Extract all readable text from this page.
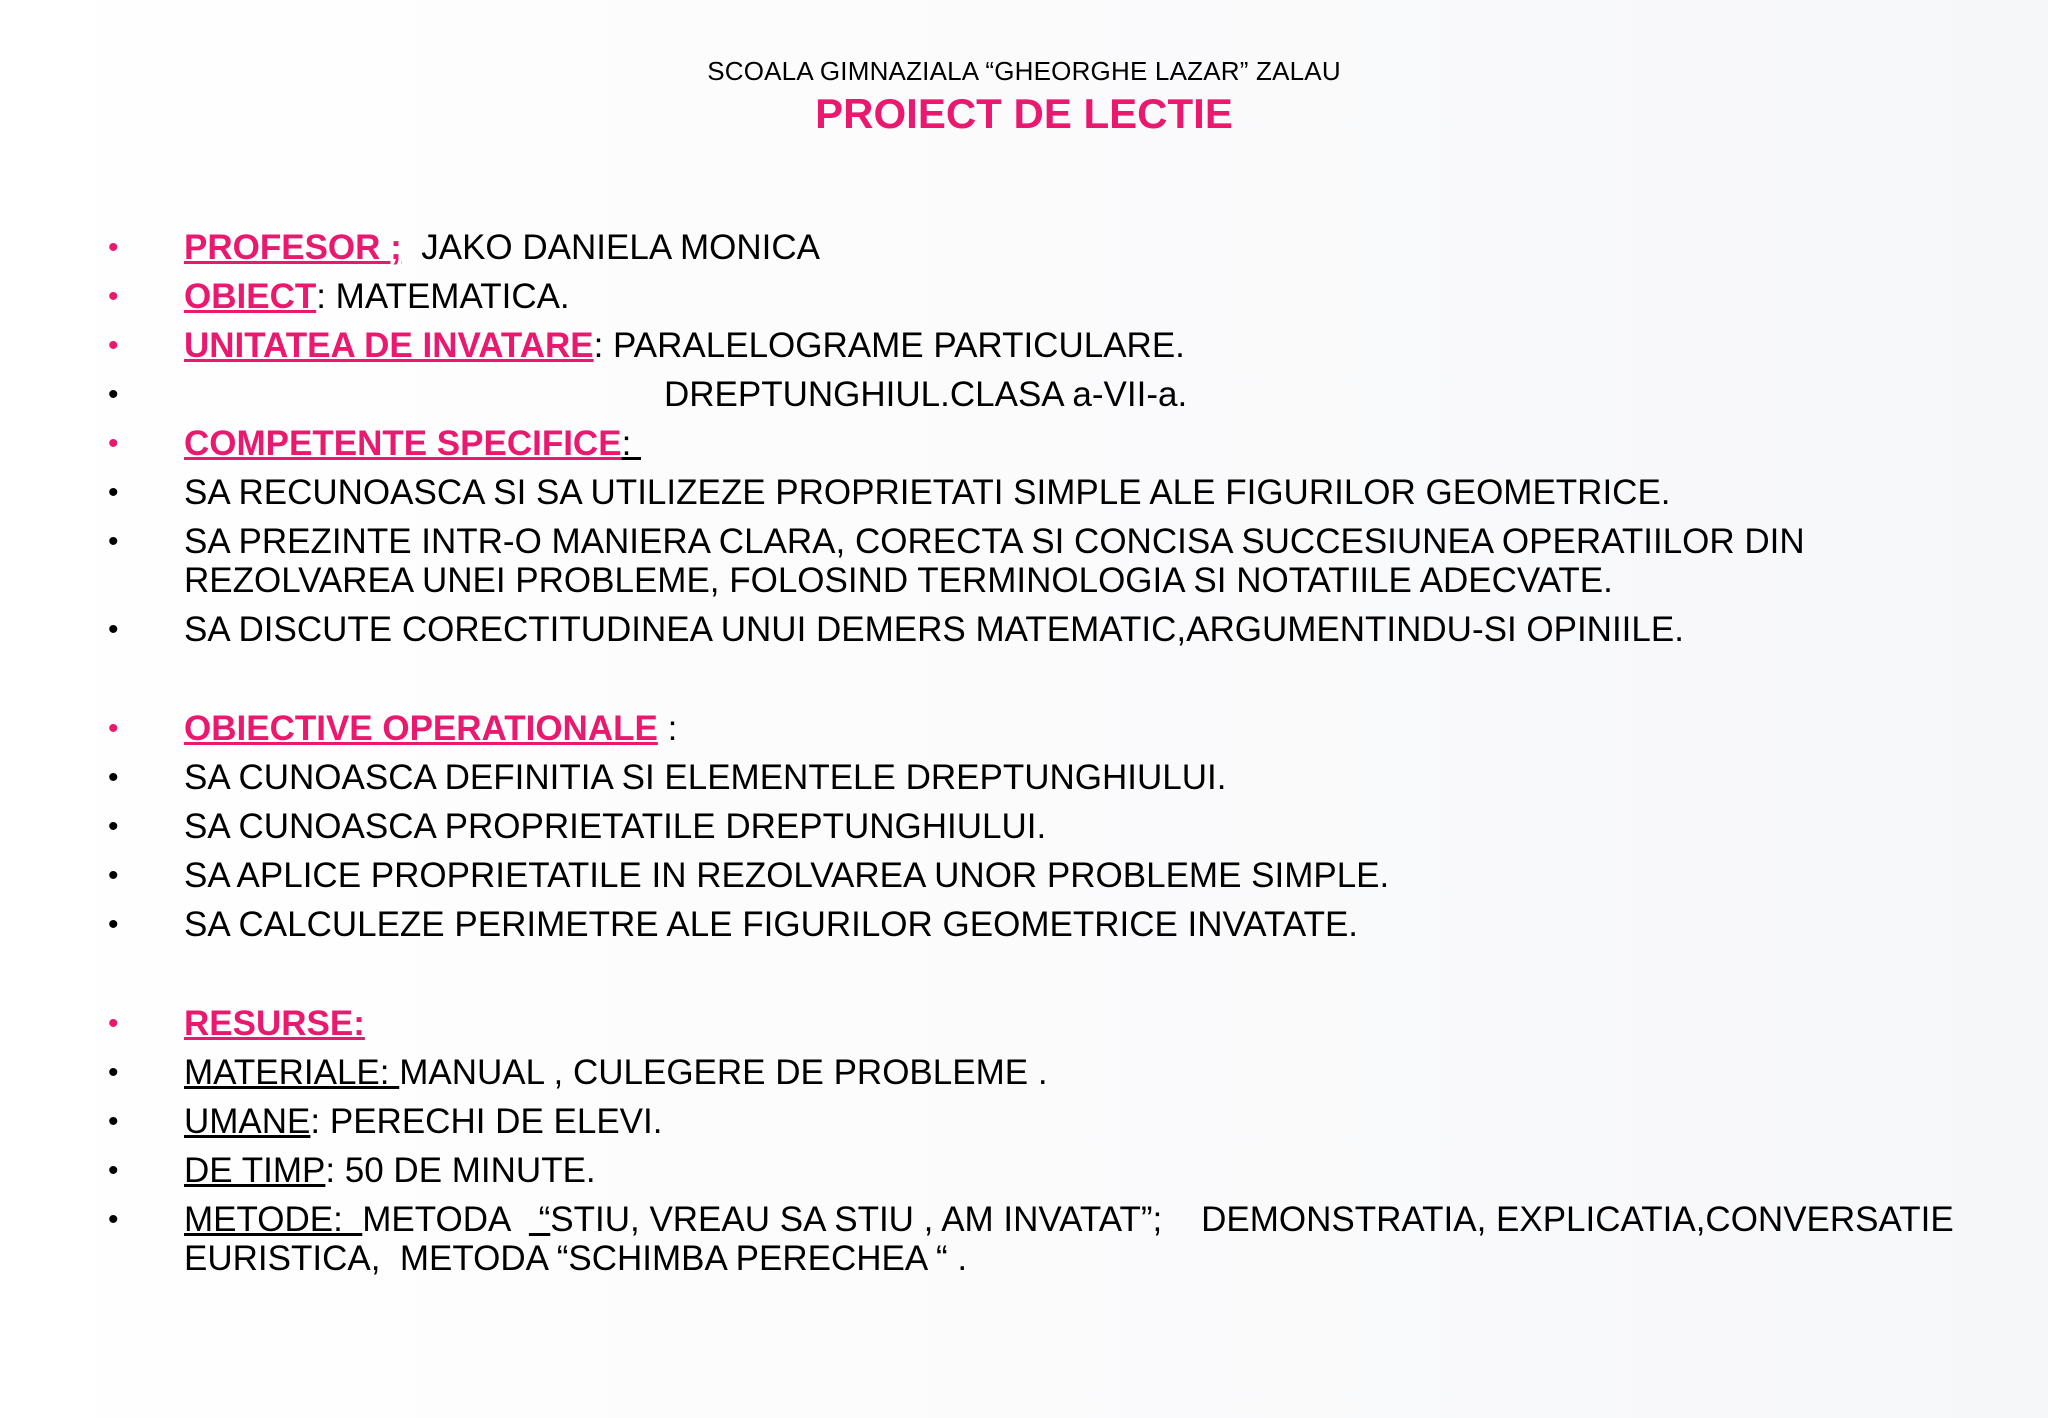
SCOALA GIMNAZIALA “GHEORGHE LAZAR” ZALAU
PROIECT DE LECTIE
• PROFESOR ;  JAKO DANIELA MONICA
• OBIECT: MATEMATICA.
• UNITATEA DE INVATARE: PARALELOGRAME PARTICULARE.
•	DREPTUNGHIUL.CLASA a-VII-a.
• COMPETENTE SPECIFICE:
• SA RECUNOASCA SI SA UTILIZEZE PROPRIETATI SIMPLE ALE FIGURILOR GEOMETRICE.
• SA PREZINTE INTR-O MANIERA CLARA, CORECTA SI CONCISA SUCCESIUNEA OPERATIILOR DIN REZOLVAREA UNEI PROBLEME, FOLOSIND TERMINOLOGIA SI NOTATIILE ADECVATE.
• SA DISCUTE CORECTITUDINEA UNUI DEMERS MATEMATIC,ARGUMENTINDU-SI OPINIILE.
• OBIECTIVE OPERATIONALE :
• SA CUNOASCA DEFINITIA SI ELEMENTELE DREPTUNGHIULUI.
• SA CUNOASCA PROPRIETATILE DREPTUNGHIULUI.
• SA APLICE PROPRIETATILE IN REZOLVAREA UNOR PROBLEME SIMPLE.
• SA CALCULEZE PERIMETRE ALE FIGURILOR GEOMETRICE INVATATE.
• RESURSE:
• MATERIALE: MANUAL , CULEGERE DE PROBLEME .
• UMANE: PERECHI DE ELEVI.
• DE TIMP: 50 DE MINUTE.
• METODE:  METODA   “STIU, VREAU SA STIU , AM INVATAT”;    DEMONSTRATIA, EXPLICATIA,CONVERSATIE EURISTICA,  METODA “SCHIMBA PERECHEA “ .
